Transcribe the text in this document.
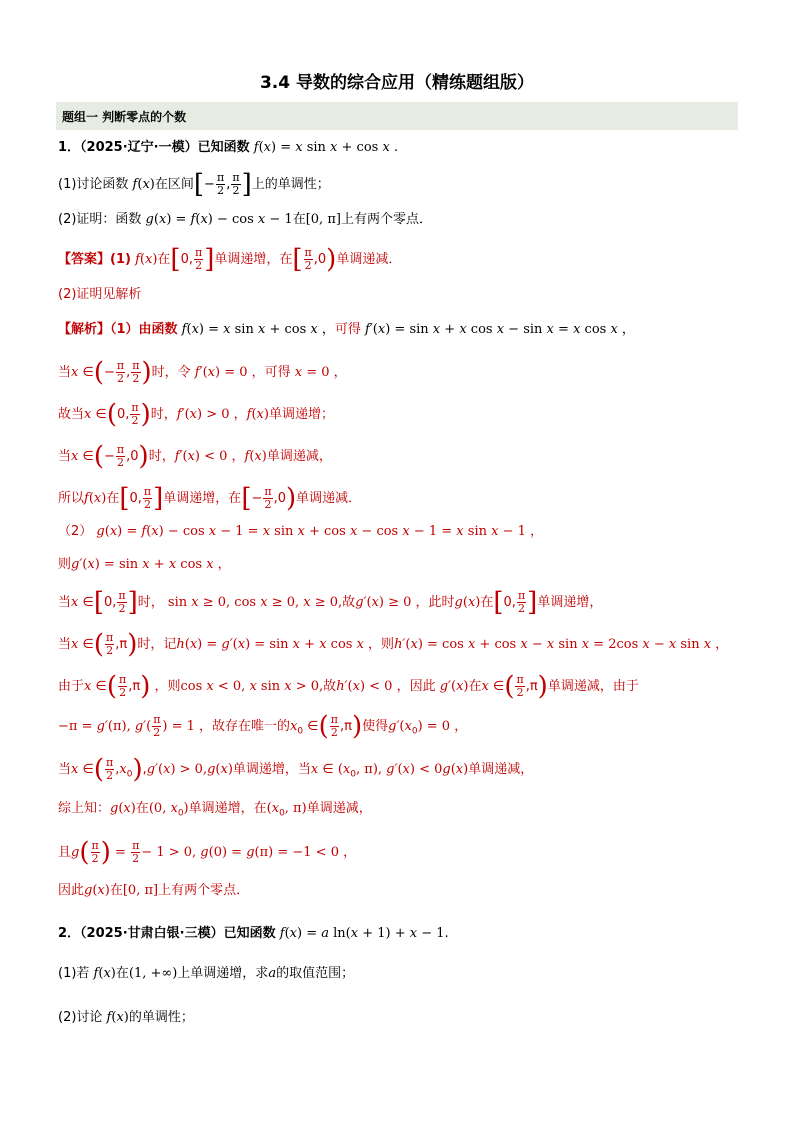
3.4 导数的综合应用（精练题组版）
题组一 判断零点的个数
1．（2025·辽宁·一模）已知函数 f(x) = x sin x + cos x .
(1)讨论函数 f(x)在区间[− $\frac{\pi}{2}$ , $\frac{\pi}{2}$ ]上的单调性；
(2)证明：函数 g(x) = f(x) − cos x − 1在[0, π]上有两个零点．
【答案】(1) f(x)在[0, $\frac{\pi}{2}$ ]单调递增，在[ $\frac{\pi}{2} ,0$)单调递减．
(2)证明见解析
【解析】（1）由函数 f(x) = x sin x + cos x ，可得 f′(x) = sin x + x cos x − sin x = x cos x ，
当x ∈(− $\frac{\pi}{2}$ , $\frac{\pi}{2}$ )时，令 f′(x) = 0 ，可得 x = 0 ，
故当x ∈(0, $\frac{\pi}{2}$ )时，f′(x) > 0 ，f(x)单调递增；
当x ∈(− $\frac{\pi}{2} ,0$)时，f′(x) < 0 ，f(x)单调递减，
所以f(x)在[0, $\frac{\pi}{2}$ ]单调递增，在[− $\frac{\pi}{2} ,0$)单调递减．
（2） g(x) = f(x) − cos x − 1 = x sin x + cos x − cos x − 1 = x sin x − 1 ，
则g′(x) = sin x + x cos x ，
当x ∈[0, $\frac{\pi}{2}$ ]时， sin x ≥ 0, cos x ≥ 0, x ≥ 0,故g′(x) ≥ 0 ，此时g(x)在[0, $\frac{\pi}{2}$ ]单调递增，
当x ∈( $\frac{\pi}{2} ,\pi$)时，记h(x) = g′(x) = sin x + x cos x ，则h′(x) = cos x + cos x − x sin x = 2cos x − x sin x ，
由于x ∈( $\frac{\pi}{2} ,\pi$) ，则cos x < 0, x sin x > 0,故h′(x) < 0 ，因此 g′(x)在x ∈( $\frac{\pi}{2} ,\pi$)单调递减，由于
−π = g′(π), $g'( \frac{\pi}{2}$ ) = 1 ，故存在唯一的$x_0$ ∈( $\frac{\pi}{2} ,\pi$)使得$g'(x_0) = 0$ ，
当x ∈( $\frac{\pi}{2} ,x_0),g'(x) > 0,g(x)$单调递增，当x ∈ ($x_0$, π), g′(x) < 0g(x)单调递减，
综上知：g(x)在(0, $x_0$)单调递增，在($x_0$, π)单调递减，
且$g( \frac{\pi}{2}$ ) = $\frac{\pi}{2} - 1 > 0$, g(0) = g(π) = −1 < 0 ，
因此g(x)在[0, π]上有两个零点．
2．（2025·甘肃白银·三模）已知函数 f(x) = a ln(x + 1) + x − 1.
(1)若 f(x)在(1, +∞)上单调递增，求a的取值范围；
(2)讨论 f(x)的单调性；
